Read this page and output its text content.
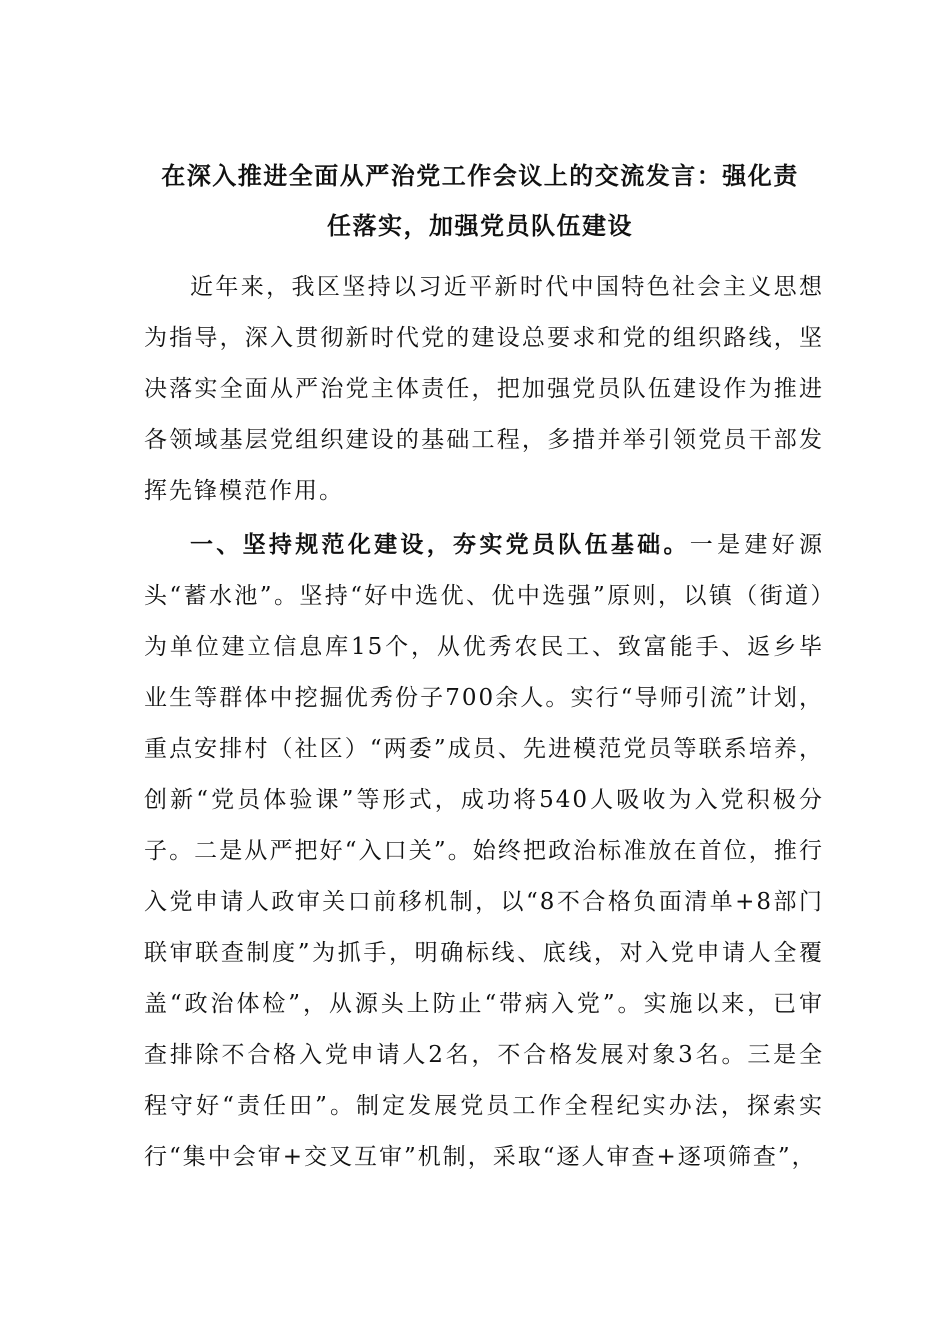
在深入推进全面从严治党工作会议上的交流发言：强化责
任落实，加强党员队伍建设

近年来，我区坚持以习近平新时代中国特色社会主义思想为指导，深入贯彻新时代党的建设总要求和党的组织路线，坚决落实全面从严治党主体责任，把加强党员队伍建设作为推进各领域基层党组织建设的基础工程，多措并举引领党员干部发挥先锋模范作用。

一、坚持规范化建设，夯实党员队伍基础。一是建好源头“蓄水池”。坚持“好中选优、优中选强”原则，以镇（街道）为单位建立信息库15个，从优秀农民工、致富能手、返乡毕业生等群体中挖掘优秀份子700余人。实行“导师引流”计划，重点安排村（社区）“两委”成员、先进模范党员等联系培养，创新“党员体验课”等形式，成功将540人吸收为入党积极分子。二是从严把好“入口关”。始终把政治标准放在首位，推行入党申请人政审关口前移机制，以“8不合格负面清单+8部门联审联查制度”为抓手，明确标线、底线，对入党申请人全覆盖“政治体检”，从源头上防止“带病入党”。实施以来，已审查排除不合格入党申请人2名，不合格发展对象3名。三是全程守好“责任田”。制定发展党员工作全程纪实办法，探索实行“集中会审+交叉互审”机制，采取“逐人审查+逐项筛查”，
